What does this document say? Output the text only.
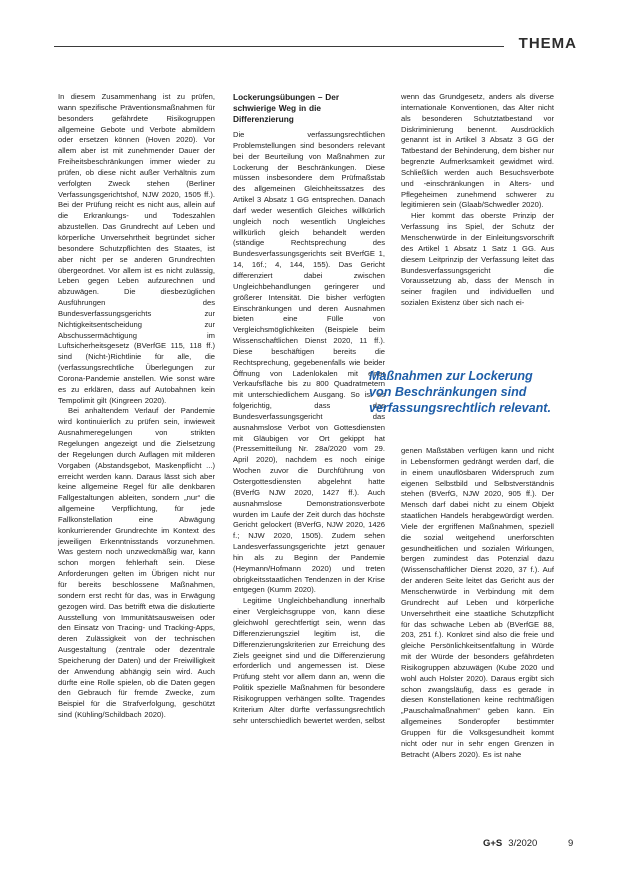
THEMA

In diesem Zusammenhang ist zu prüfen, wann spezifische Präventionsmaßnahmen für besonders gefährdete Risikogruppen allgemeine Gebote und Verbote abmildern oder ersetzen können (Hoven 2020). Vor allem aber ist mit zunehmender Dauer der Freiheitsbeschränkungen immer wieder zu prüfen, ob diese nicht außer Verhältnis zum verfolgten Zweck stehen (Berliner Verfassungsgerichtshof, NJW 2020, 1505 ff.). Bei der Prüfung reicht es nicht aus, allein auf die Erkrankungs- und Todeszahlen abzustellen. Das Grundrecht auf Leben und körperliche Unversehrtheit begründet sicher besondere Schutzpflichten des Staates, ist aber nicht per se anderen Grundrechten übergeordnet. Vor allem ist es nicht zulässig, Leben gegen Leben aufzurechnen und abzuwägen. Die diesbezüglichen Ausführungen des Bundesverfassungsgerichts zur Nichtigkeitsentscheidung zur Abschussermächtigung im Luftsicherheitsgesetz (BVerfGE 115, 118 ff.) sind (Nicht-)Richtlinie für alle, die (verfassungsrechtliche Überlegungen zur Corona-Pandemie anstellen. Wie sonst wäre es zu erklären, dass auf Autobahnen kein Tempolimit gilt (Kingreen 2020).

Bei anhaltendem Verlauf der Pandemie wird kontinuierlich zu prüfen sein, inwieweit Ausnahmeregelungen von strikten Regelungen angezeigt und die Zielsetzung der Regelungen durch Auflagen mit milderen Vorgaben (Abstandsgebot, Maskenpflicht ...) erreicht werden kann. Daraus lässt sich aber keine allgemeine Regel für alle denkbaren Fallgestaltungen ableiten, sondern „nur“ die allgemeine Verpflichtung, für jede Fallkonstellation eine Abwägung konkurrierender Grundrechte im Kontext des jeweiligen Erkenntnisstands vorzunehmen. Was gestern noch unzweckmäßig war, kann schon morgen fehlerhaft sein. Diese Anforderungen gelten im Übrigen nicht nur für bereits beschlossene Maßnahmen, sondern erst recht für das, was in Erwägung gezogen wird. Das betrifft etwa die diskutierte Ausstellung von Immunitätsausweisen oder den Einsatz von Tracing- und Tracking-Apps, deren Zulässigkeit von der technischen Ausgestaltung (zentrale oder dezentrale Speicherung der Daten) und der Freiwilligkeit der Anwendung abhängig sein wird. Auch dürfte eine Rolle spielen, ob die Daten gegen den Gebrauch für fremde Zwecke, zum Beispiel für die Strafverfolgung, geschützt sind (Kühling/Schildbach 2020).

Lockerungsübungen – Der
schwierige Weg in die
Differenzierung

Die verfassungsrechtlichen Problemstellungen sind besonders relevant bei der Beurteilung von Maßnahmen zur Lockerung der Beschränkungen. Diese müssen insbesondere dem Prüfmaßstab des allgemeinen Gleichheitssatzes des Artikel 3 Absatz 1 GG entsprechen. Danach darf weder wesentlich Gleiches willkürlich ungleich noch wesentlich Ungleiches willkürlich gleich behandelt werden (ständige Rechtsprechung des Bundesverfassungsgerichts seit BVerfGE 1, 14, 16f.; 4, 144, 155). Das Gericht differenziert dabei zwischen Ungleichbehandlungen geringerer und größerer Intensität. Die bisher verfügten Einschränkungen und deren Ausnahmen bieten eine Fülle von Vergleichsmöglichkeiten (Beispiele beim Wissenschaftlichen Dienst 2020, 11 ff.). Diese beschäftigen bereits die Rechtsprechung, gegebenenfalls wie beider Öffnung von Ladenlokalen mit einer Verkaufsfläche bis zu 800 Quadratmetern mit unterschiedlichem Ausgang. So ist es folgerichtig, dass das Bundesverfassungsgericht das ausnahmslose Verbot von Gottesdiensten mit Gläubigen vor Ort gekippt hat (Pressemitteilung Nr. 28a/2020 vom 29. April 2020), nachdem es noch einige Wochen zuvor die Durchführung von Ostergottesdiensten abgelehnt hatte (BVerfG NJW 2020, 1427 ff.). Auch ausnahmslose Demonstrationsverbote wurden im Laufe der Zeit durch das höchste Gericht gelockert (BVerfG, NJW 2020, 1426 f.; NJW 2020, 1505). Zudem sehen Landesverfassungsgerichte jetzt genauer hin als zu Beginn der Pandemie (Heymann/Hofmann 2020) und treten obrigkeitsstaatlichen Tendenzen in der Krise entgegen (Kumm 2020).

Legitime Ungleichbehandlung innerhalb einer Vergleichsgruppe von, kann diese gleichwohl gerechtfertigt sein, wenn das Differenzierungsziel legitim ist, die Differenzierungskriterien zur Erreichung des Ziels geeignet sind und die Differenzierung erforderlich und angemessen ist. Diese Prüfung steht vor allem dann an, wenn die Politik spezielle Maßnahmen für besondere Risikogruppen verhängen sollte. Tragendes Kriterium Alter dürfte verfassungsrechtlich sehr unterschiedlich bewertet werden, selbst

wenn das Grundgesetz, anders als diverse internationale Konventionen, das Alter nicht als besonderen Schutztatbestand vor Diskriminierung benennt. Ausdrücklich genannt ist in Artikel 3 Absatz 3 GG der Tatbestand der Behinderung, dem bisher nur begrenzte Aufmerksamkeit gewidmet wird. Schließlich werden auch Besuchsverbote und -einschränkungen in Alters- und Pflegeheimen zunehmend schwerer zu legitimieren sein (Glaab/Schwedler 2020).

Hier kommt das oberste Prinzip der Verfassung ins Spiel, der Schutz der Menschenwürde in der Einleitungsvorschrift des Artikel 1 Absatz 1 Satz 1 GG. Aus diesem Leitprinzip der Verfassung leitet das Bundesverfassungsgericht die Voraussetzung ab, dass der Mensch in seiner fragilen und individuellen und sozialen Existenz über sich nach ei-

Maßnahmen zur Lockerung
von Beschränkungen sind
verfassungsrechtlich relevant.

genen Maßstäben verfügen kann und nicht in Lebensformen gedrängt werden darf, die in einem unauflösbaren Widerspruch zum eigenen Selbstbild und Selbstverständnis stehen (BVerfG, NJW 2020, 905 ff.). Der Mensch darf dabei nicht zu einem Objekt staatlichen Handels herabgewürdigt werden. Viele der ergriffenen Maßnahmen, speziell die sozial weitgehend unerforschten gesundheitlichen und sozialen Wirkungen, bergen zumindest das Potenzial dazu (Wissenschaftlicher Dienst 2020, 37 f.). Auf der anderen Seite leitet das Gericht aus der Menschenwürde in Verbindung mit dem Grundrecht auf Leben und körperliche Unversehrtheit eine staatliche Schutzpflicht für das schwache Leben ab (BVerfGE 88, 203, 251 f.). Konkret sind also die freie und gleiche Persönlichkeitsentfaltung in Würde mit der Würde der besonders gefährdeten Risikogruppen abzuwägen (Kube 2020 und wohl auch Holster 2020). Daraus ergibt sich schon zwangsläufig, dass es gerade in diesen Konstellationen keine rechtmäßigen „Pauschalmaßnahmen“ geben kann. Ein allgemeines Sonderopfer bestimmter Gruppen für die Volksgesundheit kommt nicht oder nur in sehr engen Grenzen in Betracht (Albers 2020). Es ist nahe

G+S 3/2020	9
